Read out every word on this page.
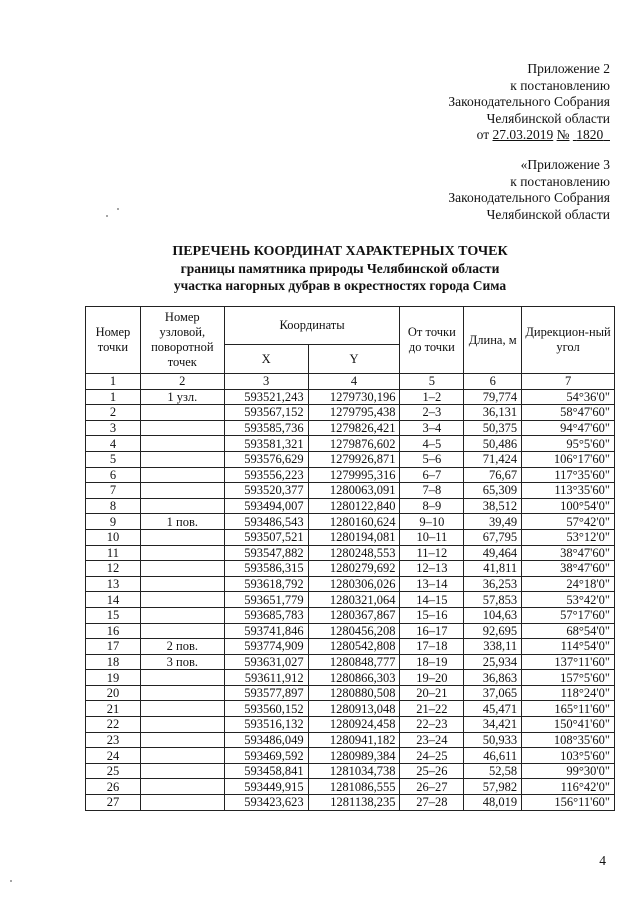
Приложение 2
к постановлению
Законодательного Собрания
Челябинской области
от 27.03.2019 № 1820
«Приложение 3
к постановлению
Законодательного Собрания
Челябинской области
ПЕРЕЧЕНЬ КООРДИНАТ ХАРАКТЕРНЫХ ТОЧЕК
границы памятника природы Челябинской области
участка нагорных дубрав в окрестностях города Сима
Номер точки	Номер узловой, поворотной точек	Координаты		От точки до точки	Длина, м	Дирекцион-ный угол
		X	Y			
1	2	3	4	5	6	7
1	1 узл.	593521,243	1279730,196	1–2	79,774	54°36'0"
2		593567,152	1279795,438	2–3	36,131	58°47'60"
3		593585,736	1279826,421	3–4	50,375	94°47'60"
4		593581,321	1279876,602	4–5	50,486	95°5'60"
5		593576,629	1279926,871	5–6	71,424	106°17'60"
6		593556,223	1279995,316	6–7	76,67	117°35'60"
7		593520,377	1280063,091	7–8	65,309	113°35'60"
8		593494,007	1280122,840	8–9	38,512	100°54'0"
9	1 пов.	593486,543	1280160,624	9–10	39,49	57°42'0"
10		593507,521	1280194,081	10–11	67,795	53°12'0"
11		593547,882	1280248,553	11–12	49,464	38°47'60"
12		593586,315	1280279,692	12–13	41,811	38°47'60"
13		593618,792	1280306,026	13–14	36,253	24°18'0"
14		593651,779	1280321,064	14–15	57,853	53°42'0"
15		593685,783	1280367,867	15–16	104,63	57°17'60"
16		593741,846	1280456,208	16–17	92,695	68°54'0"
17	2 пов.	593774,909	1280542,808	17–18	338,11	114°54'0"
18	3 пов.	593631,027	1280848,777	18–19	25,934	137°11'60"
19		593611,912	1280866,303	19–20	36,863	157°5'60"
20		593577,897	1280880,508	20–21	37,065	118°24'0"
21		593560,152	1280913,048	21–22	45,471	165°11'60"
22		593516,132	1280924,458	22–23	34,421	150°41'60"
23		593486,049	1280941,182	23–24	50,933	108°35'60"
24		593469,592	1280989,384	24–25	46,611	103°5'60"
25		593458,841	1281034,738	25–26	52,58	99°30'0"
26		593449,915	1281086,555	26–27	57,982	116°42'0"
27		593423,623	1281138,235	27–28	48,019	156°11'60"
4
